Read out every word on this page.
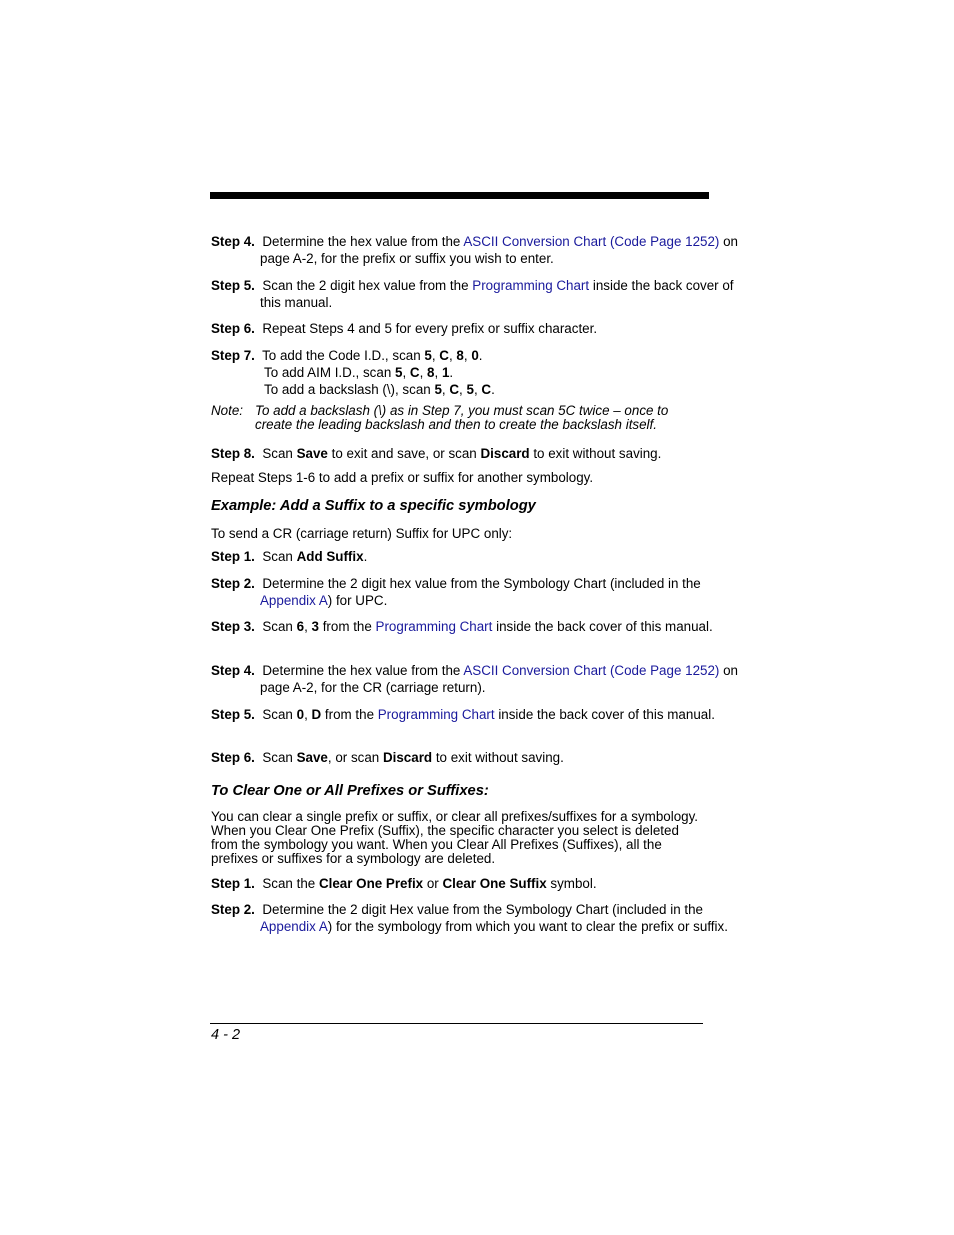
Step 4. Determine the hex value from the ASCII Conversion Chart (Code Page 1252) on page A-2, for the prefix or suffix you wish to enter.
Step 5. Scan the 2 digit hex value from the Programming Chart inside the back cover of this manual.
Step 6. Repeat Steps 4 and 5 for every prefix or suffix character.
Step 7. To add the Code I.D., scan 5, C, 8, 0.
To add AIM I.D., scan 5, C, 8, 1.
To add a backslash (\), scan 5, C, 5, C.
Note: To add a backslash (\) as in Step 7, you must scan 5C twice – once to create the leading backslash and then to create the backslash itself.
Step 8. Scan Save to exit and save, or scan Discard to exit without saving.
Repeat Steps 1-6 to add a prefix or suffix for another symbology.
Example: Add a Suffix to a specific symbology
To send a CR (carriage return) Suffix for UPC only:
Step 1. Scan Add Suffix.
Step 2. Determine the 2 digit hex value from the Symbology Chart (included in the Appendix A) for UPC.
Step 3. Scan 6, 3 from the Programming Chart inside the back cover of this manual.
Step 4. Determine the hex value from the ASCII Conversion Chart (Code Page 1252) on page A-2, for the CR (carriage return).
Step 5. Scan 0, D from the Programming Chart inside the back cover of this manual.
Step 6. Scan Save, or scan Discard to exit without saving.
To Clear One or All Prefixes or Suffixes:
You can clear a single prefix or suffix, or clear all prefixes/suffixes for a symbology. When you Clear One Prefix (Suffix), the specific character you select is deleted from the symbology you want. When you Clear All Prefixes (Suffixes), all the prefixes or suffixes for a symbology are deleted.
Step 1. Scan the Clear One Prefix or Clear One Suffix symbol.
Step 2. Determine the 2 digit Hex value from the Symbology Chart (included in the Appendix A) for the symbology from which you want to clear the prefix or suffix.
4 - 2
